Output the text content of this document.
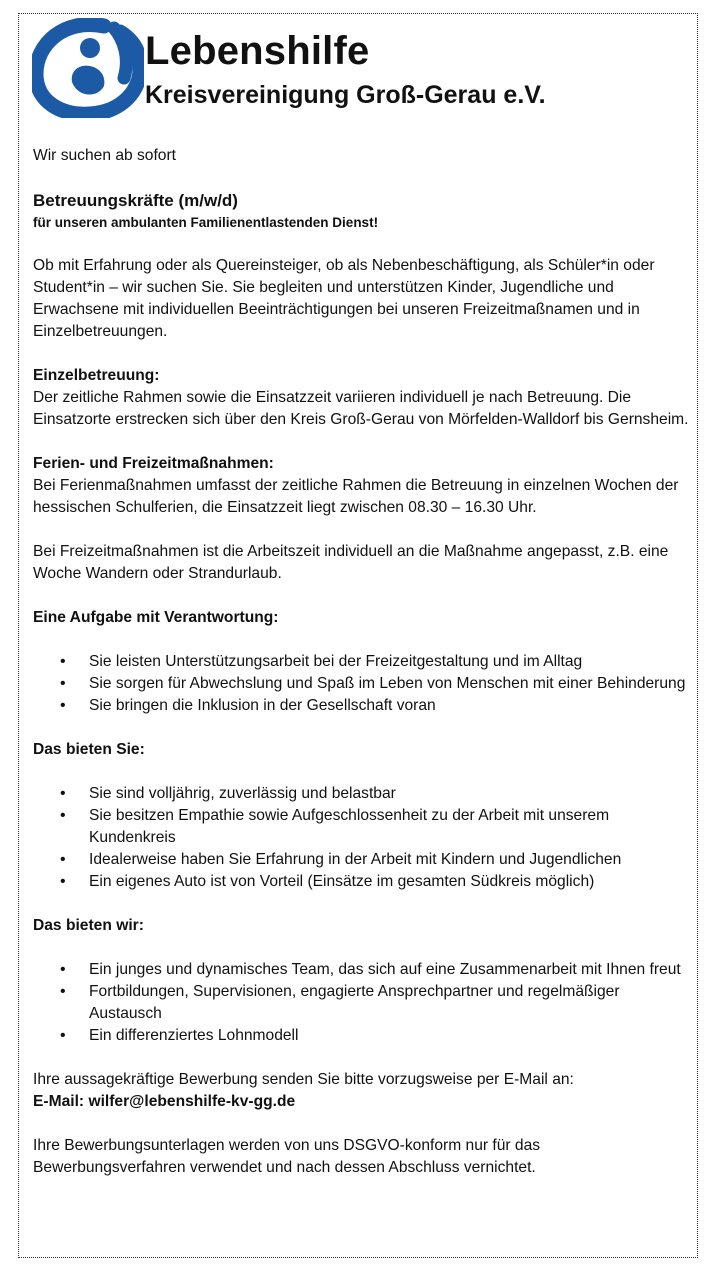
Lebenshilfe
Kreisvereinigung Groß-Gerau e.V.

Wir suchen ab sofort

Betreuungskräfte (m/w/d)

für unseren ambulanten Familienentlastenden Dienst!

Ob mit Erfahrung oder als Quereinsteiger, ob als Nebenbeschäftigung, als Schüler*in oder Student*in – wir suchen Sie. Sie begleiten und unterstützen Kinder, Jugendliche und Erwachsene mit individuellen Beeinträchtigungen bei unseren Freizeitmaßnamen und in Einzelbetreuungen.

Einzelbetreuung:

Der zeitliche Rahmen sowie die Einsatzzeit variieren individuell je nach Betreuung. Die Einsatzorte erstrecken sich über den Kreis Groß-Gerau von Mörfelden-Walldorf bis Gernsheim.

Ferien- und Freizeitmaßnahmen:

Bei Ferienmaßnahmen umfasst der zeitliche Rahmen die Betreuung in einzelnen Wochen der hessischen Schulferien, die Einsatzzeit liegt zwischen 08.30 – 16.30 Uhr.

Bei Freizeitmaßnahmen ist die Arbeitszeit individuell an die Maßnahme angepasst, z.B. eine Woche Wandern oder Strandurlaub.

Eine Aufgabe mit Verantwortung:

• Sie leisten Unterstützungsarbeit bei der Freizeitgestaltung und im Alltag
• Sie sorgen für Abwechslung und Spaß im Leben von Menschen mit einer Behinderung
• Sie bringen die Inklusion in der Gesellschaft voran

Das bieten Sie:

• Sie sind volljährig, zuverlässig und belastbar
• Sie besitzen Empathie sowie Aufgeschlossenheit zu der Arbeit mit unserem Kundenkreis
• Idealerweise haben Sie Erfahrung in der Arbeit mit Kindern und Jugendlichen
• Ein eigenes Auto ist von Vorteil (Einsätze im gesamten Südkreis möglich)

Das bieten wir:

• Ein junges und dynamisches Team, das sich auf eine Zusammenarbeit mit Ihnen freut
• Fortbildungen, Supervisionen, engagierte Ansprechpartner und regelmäßiger Austausch
• Ein differenziertes Lohnmodell

Ihre aussagekräftige Bewerbung senden Sie bitte vorzugsweise per E-Mail an:

E-Mail: wilfer@lebenshilfe-kv-gg.de

Ihre Bewerbungsunterlagen werden von uns DSGVO-konform nur für das Bewerbungsverfahren verwendet und nach dessen Abschluss vernichtet.
